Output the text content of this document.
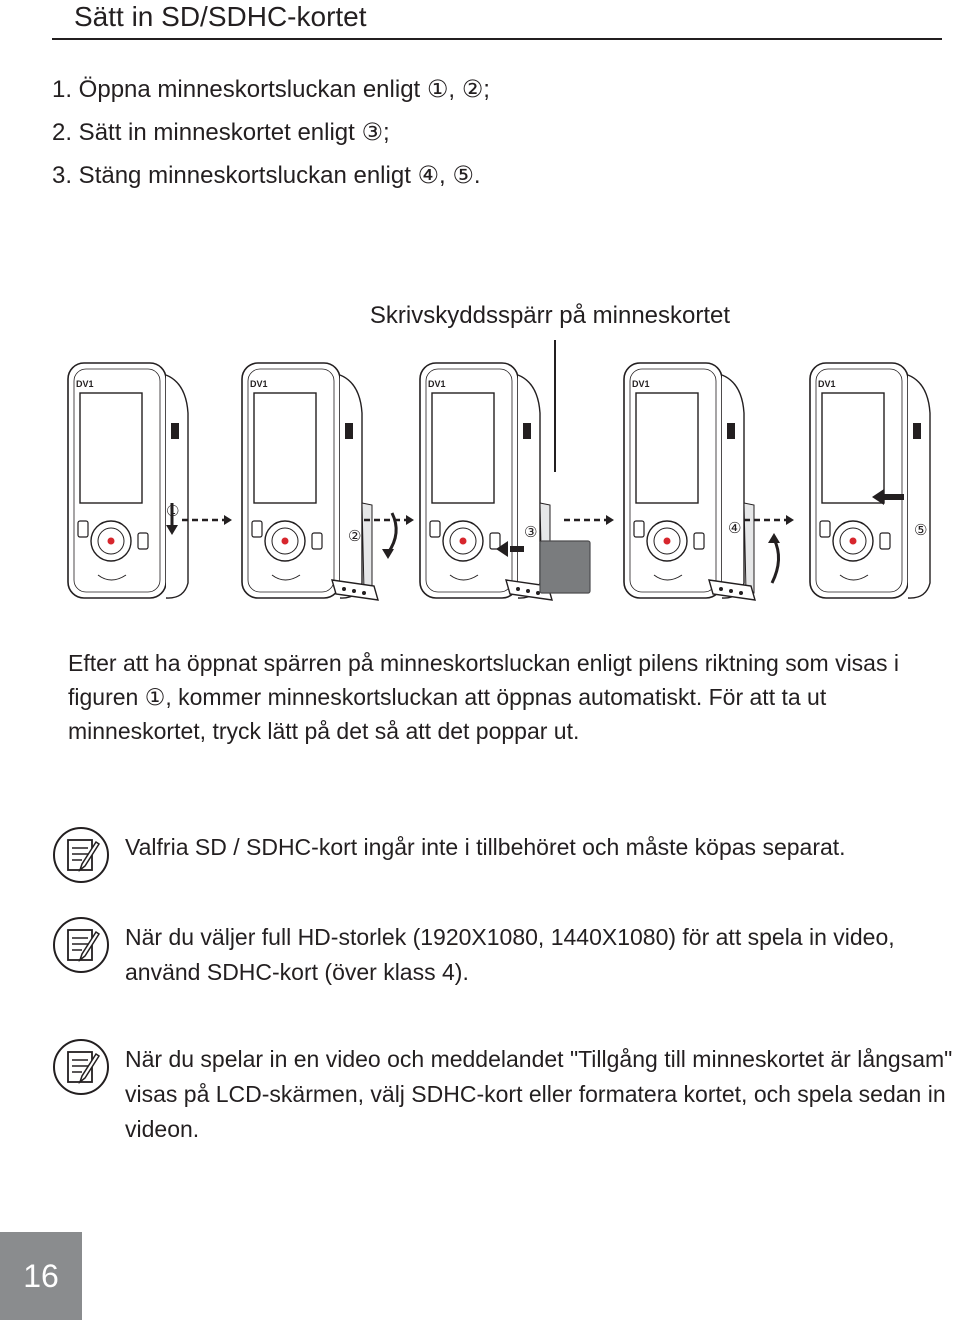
Sätt in SD/SDHC-kortet
1. Öppna minneskortsluckan enligt ①, ②;
2. Sätt in minneskortet enligt ③;
3. Stäng minneskortsluckan enligt ④, ⑤.
Skrivskyddsspärr på minneskortet
DV1	DV1	DV1	DV1	DV1
①
②	③	④	⑤
Efter att ha öppnat spärren på minneskortsluckan enligt pilens riktning som visas i figuren ①, kommer minneskortsluckan att öppnas automatiskt. För att ta ut minneskortet, tryck lätt på det så att det poppar ut.
Valfria SD / SDHC-kort ingår inte i tillbehöret och måste köpas separat.
När du väljer full HD-storlek (1920X1080, 1440X1080) för att spela in video, använd SDHC-kort (över klass 4).
När du spelar in en video och meddelandet "Tillgång till minneskortet är långsam" visas på LCD-skärmen, välj SDHC-kort eller formatera kortet, och spela sedan in videon.
16
